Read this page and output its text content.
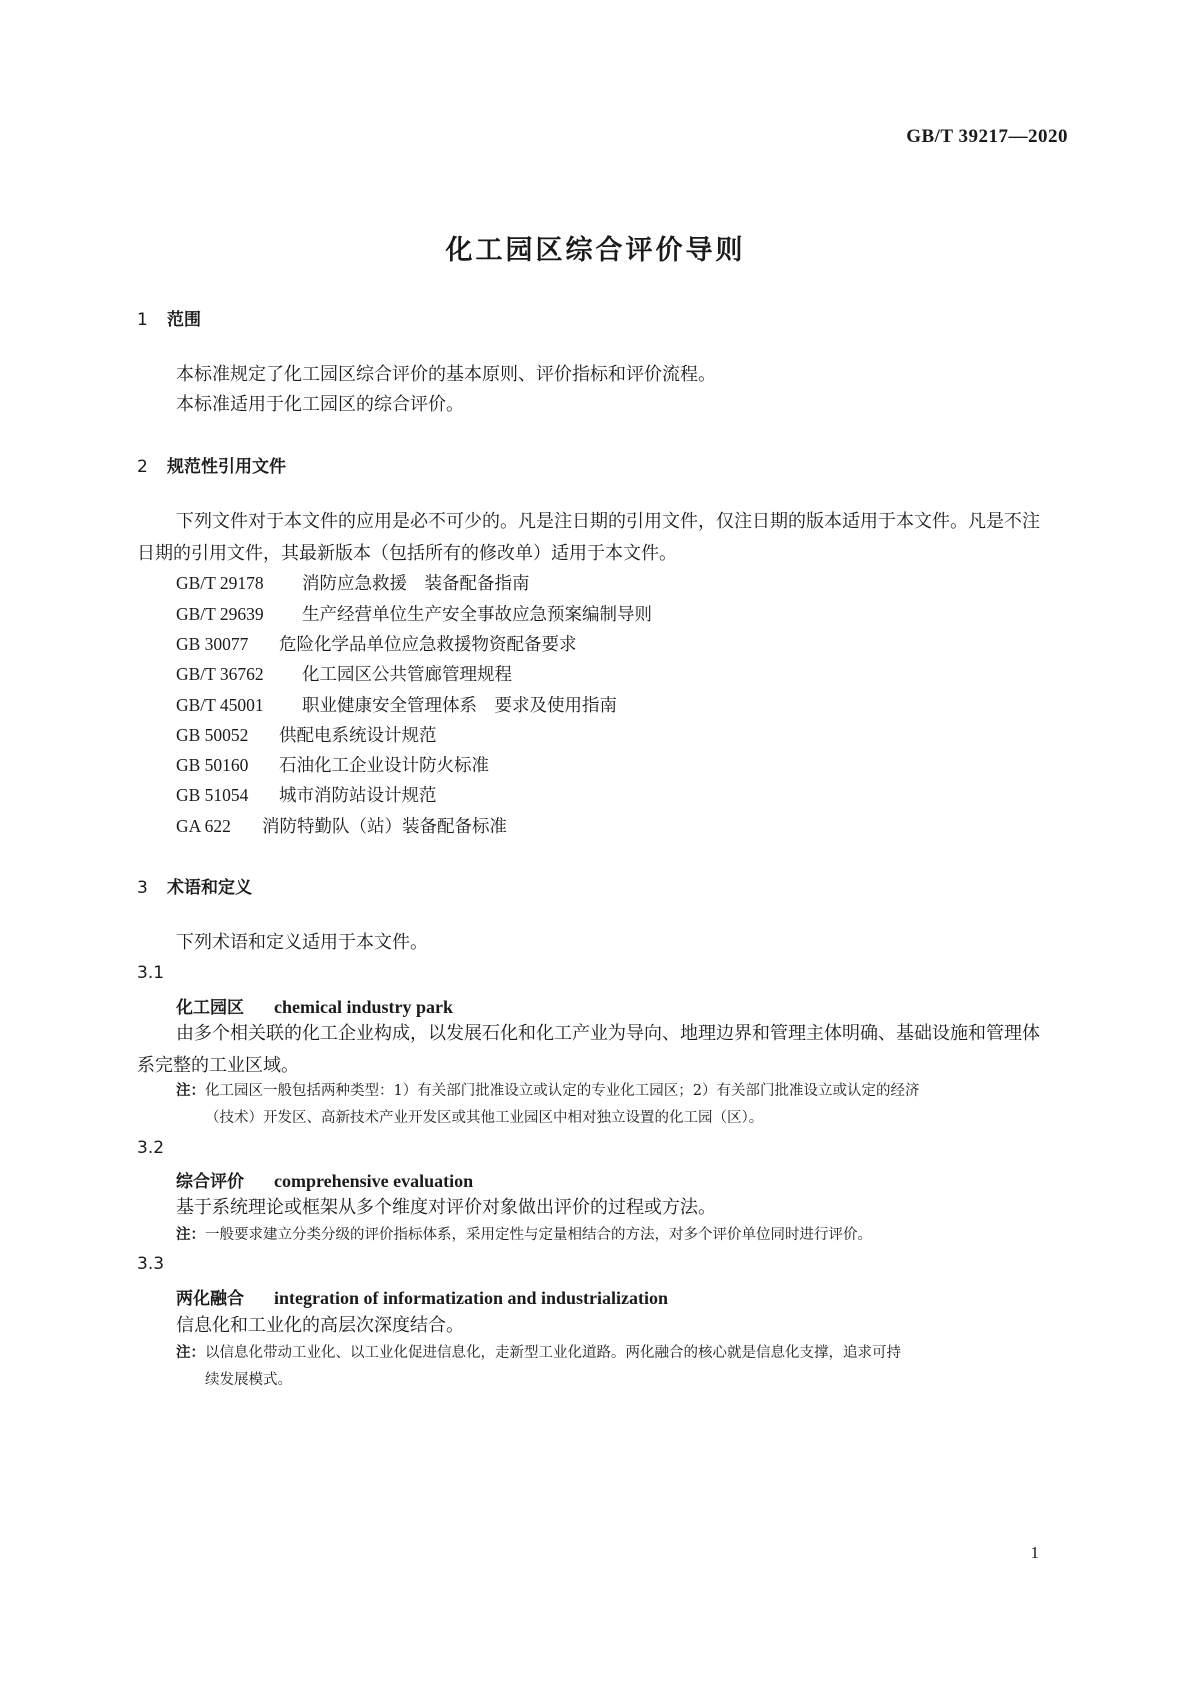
GB/T 39217—2020
化工园区综合评价导则
1 范围
本标准规定了化工园区综合评价的基本原则、评价指标和评价流程。
本标准适用于化工园区的综合评价。
2 规范性引用文件
下列文件对于本文件的应用是必不可少的。凡是注日期的引用文件，仅注日期的版本适用于本文件。凡是不注日期的引用文件，其最新版本（包括所有的修改单）适用于本文件。
GB/T 29178 消防应急救援　装备配备指南
GB/T 29639 生产经营单位生产安全事故应急预案编制导则
GB 30077 危险化学品单位应急救援物资配备要求
GB/T 36762 化工园区公共管廊管理规程
GB/T 45001 职业健康安全管理体系　要求及使用指南
GB 50052 供配电系统设计规范
GB 50160 石油化工企业设计防火标准
GB 51054 城市消防站设计规范
GA 622 消防特勤队（站）装备配备标准
3 术语和定义
下列术语和定义适用于本文件。
3.1
化工园区 chemical industry park
由多个相关联的化工企业构成，以发展石化和化工产业为导向、地理边界和管理主体明确、基础设施和管理体系完整的工业区域。
注：化工园区一般包括两种类型：1）有关部门批准设立或认定的专业化工园区；2）有关部门批准设立或认定的经济
（技术）开发区、高新技术产业开发区或其他工业园区中相对独立设置的化工园（区）。
3.2
综合评价 comprehensive evaluation
基于系统理论或框架从多个维度对评价对象做出评价的过程或方法。
注：一般要求建立分类分级的评价指标体系，采用定性与定量相结合的方法，对多个评价单位同时进行评价。
3.3
两化融合 integration of informatization and industrialization
信息化和工业化的高层次深度结合。
注：以信息化带动工业化、以工业化促进信息化，走新型工业化道路。两化融合的核心就是信息化支撑，追求可持
续发展模式。
1
